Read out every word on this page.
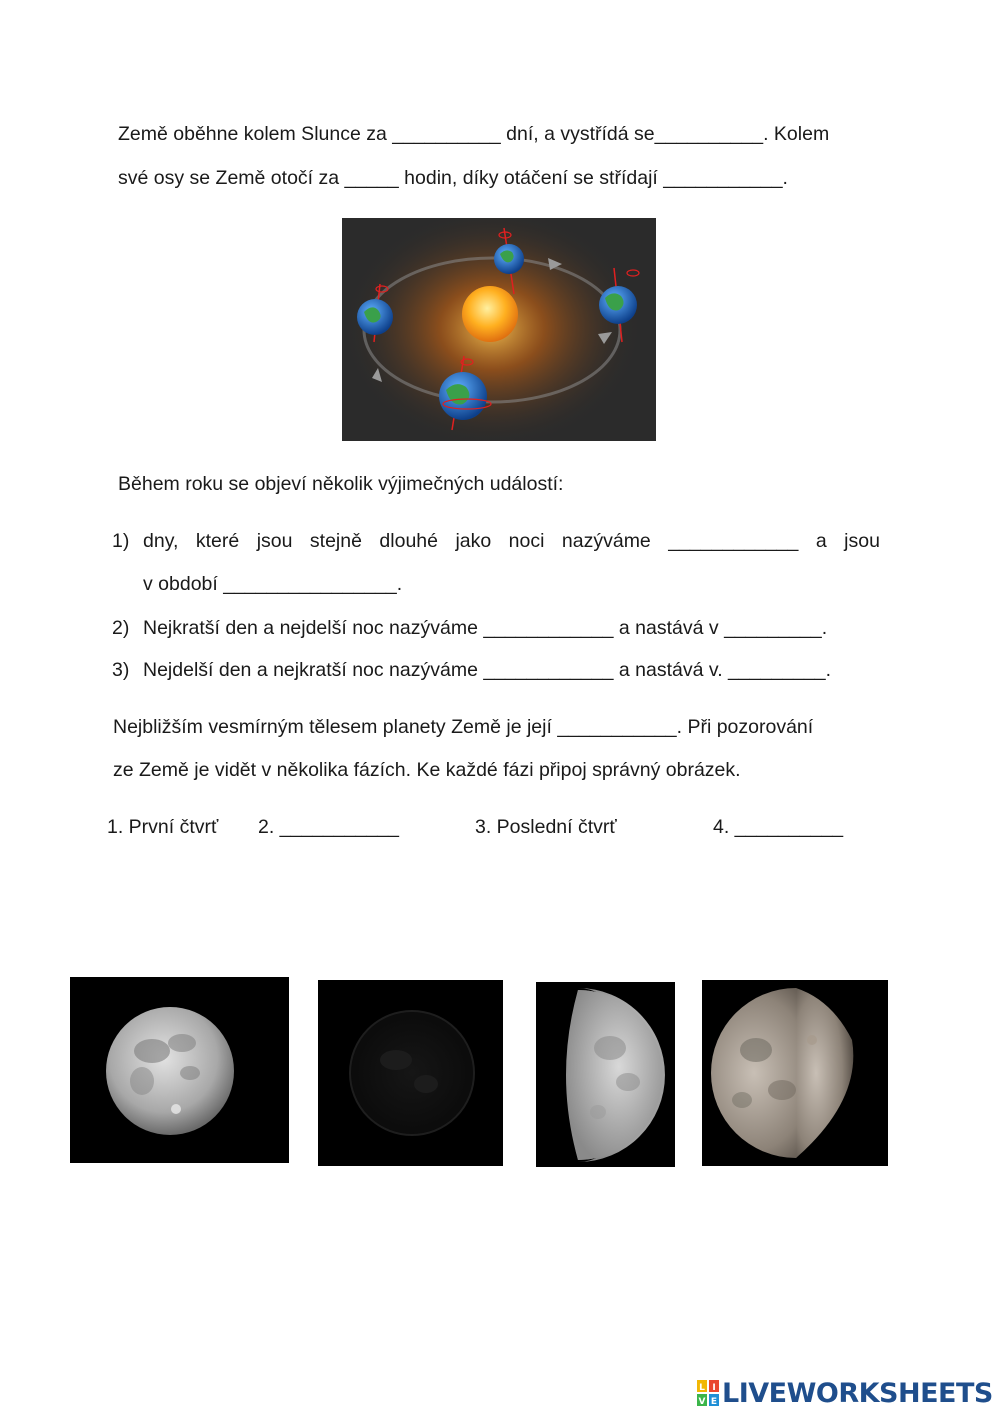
Země oběhne kolem Slunce za __________ dní, a vystřídá se__________. Kolem
své osy se Země otočí za _____ hodin, díky otáčení se střídají ___________.
Během roku se objeví několik výjimečných událostí:
1) dny, které jsou stejně dlouhé jako noci nazýváme ____________ a jsou
v období ________________.
2) Nejkratší den a nejdelší noc nazýváme ____________ a nastává v _________.
3) Nejdelší den a nejkratší noc nazýváme ____________ a nastává v. _________.
Nejbližším vesmírným tělesem planety Země je její ___________. Při pozorování
ze Země je vidět v několika fázích. Ke každé fázi připoj správný obrázek.
1. První čtvrť 2. ___________	3. Poslední čtvrť	4. __________
L I
V E LIVEWORKSHEETS
